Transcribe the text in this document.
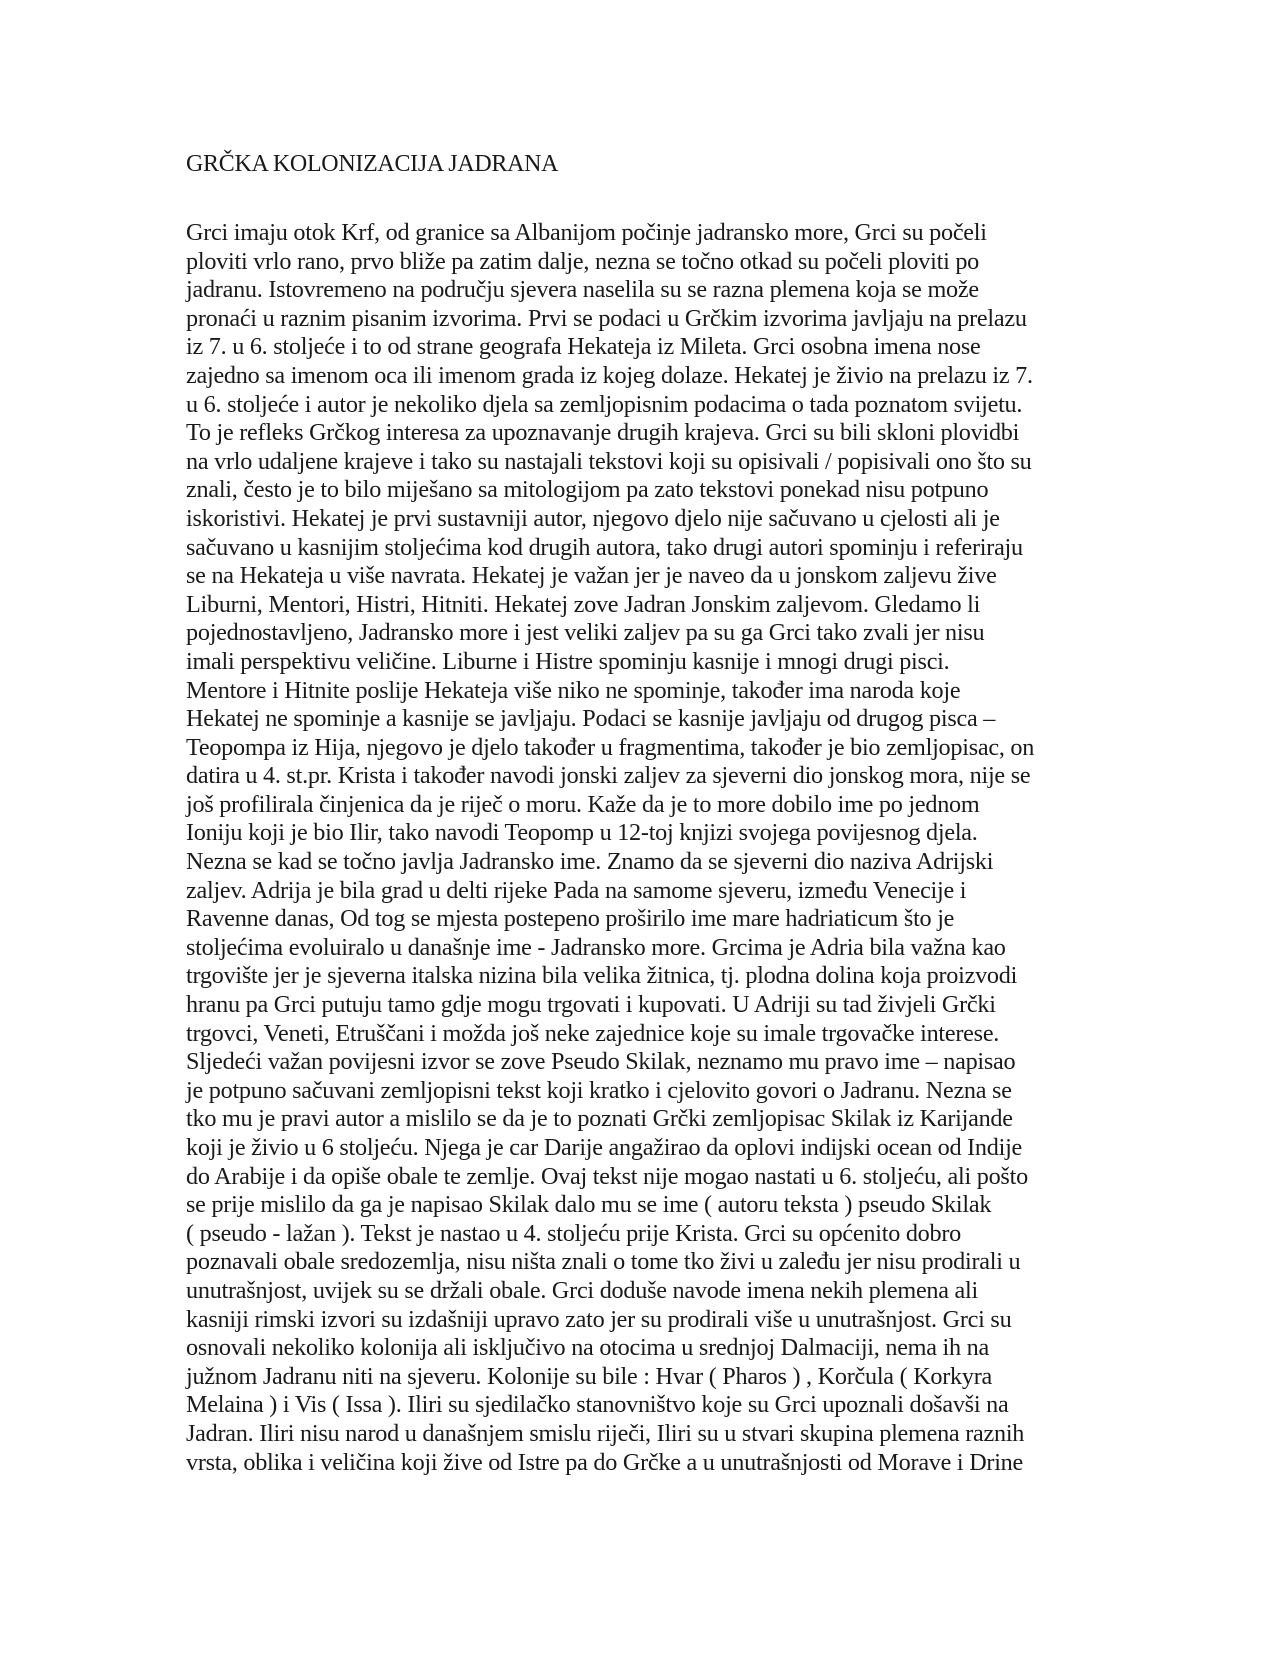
GRČKA KOLONIZACIJA JADRANA
Grci imaju otok Krf, od granice sa Albanijom počinje jadransko more, Grci su počeli
ploviti vrlo rano, prvo bliže pa zatim dalje, nezna se točno otkad su počeli ploviti po
jadranu. Istovremeno na području sjevera naselila su se razna plemena koja se može
pronaći u raznim pisanim izvorima. Prvi se podaci u Grčkim izvorima javljaju na prelazu
iz 7. u 6. stoljeće i to od strane geografa Hekateja iz Mileta. Grci osobna imena nose
zajedno sa imenom oca ili imenom grada iz kojeg dolaze. Hekatej je živio na prelazu iz 7.
u 6. stoljeće i autor je nekoliko djela sa zemljopisnim podacima o tada poznatom svijetu.
To je refleks Grčkog interesa za upoznavanje drugih krajeva. Grci su bili skloni plovidbi
na vrlo udaljene krajeve i tako su nastajali tekstovi koji su opisivali / popisivali ono što su
znali, često je to bilo miješano sa mitologijom pa zato tekstovi ponekad nisu potpuno
iskoristivi. Hekatej je prvi sustavniji autor, njegovo djelo nije sačuvano u cjelosti ali je
sačuvano u kasnijim stoljećima kod drugih autora, tako drugi autori spominju i referiraju
se na Hekateja u više navrata. Hekatej je važan jer je naveo da u jonskom zaljevu žive
Liburni, Mentori, Histri, Hitniti. Hekatej zove Jadran Jonskim zaljevom. Gledamo li
pojednostavljeno, Jadransko more i jest veliki zaljev pa su ga Grci tako zvali jer nisu
imali perspektivu veličine. Liburne i Histre spominju kasnije i mnogi drugi pisci.
Mentore i Hitnite poslije Hekateja više niko ne spominje, također ima naroda koje
Hekatej ne spominje a kasnije se javljaju. Podaci se kasnije javljaju od drugog pisca –
Teopompa iz Hija, njegovo je djelo također u fragmentima, također je bio zemljopisac, on
datira u 4. st.pr. Krista i također navodi jonski zaljev za sjeverni dio jonskog mora, nije se
još profilirala činjenica da je riječ o moru. Kaže da je to more dobilo ime po jednom
Ioniju koji je bio Ilir, tako navodi Teopomp u 12-toj knjizi svojega povijesnog djela.
Nezna se kad se točno javlja Jadransko ime. Znamo da se sjeverni dio naziva Adrijski
zaljev. Adrija je bila grad u delti rijeke Pada na samome sjeveru, između Venecije i
Ravenne danas, Od tog se mjesta postepeno proširilo ime mare hadriaticum što je
stoljećima evoluiralo u današnje ime - Jadransko more. Grcima je Adria bila važna kao
trgovište jer je sjeverna italska nizina bila velika žitnica, tj. plodna dolina koja proizvodi
hranu pa Grci putuju tamo gdje mogu trgovati i kupovati. U Adriji su tad živjeli Grčki
trgovci, Veneti, Etruščani i možda još neke zajednice koje su imale trgovačke interese.
Sljedeći važan povijesni izvor se zove Pseudo Skilak, neznamo mu pravo ime – napisao
je potpuno sačuvani zemljopisni tekst koji kratko i cjelovito govori o Jadranu. Nezna se
tko mu je pravi autor a mislilo se da je to poznati Grčki zemljopisac Skilak iz Karijande
koji je živio u 6 stoljeću. Njega je car Darije angažirao da oplovi indijski ocean od Indije
do Arabije i da opiše obale te zemlje. Ovaj tekst nije mogao nastati u 6. stoljeću, ali pošto
se prije mislilo da ga je napisao Skilak dalo mu se ime ( autoru teksta ) pseudo Skilak
( pseudo - lažan ). Tekst je nastao u 4. stoljeću prije Krista. Grci su općenito dobro
poznavali obale sredozemlja, nisu ništa znali o tome tko živi u zaleđu jer nisu prodirali u
unutrašnjost, uvijek su se držali obale. Grci doduše navode imena nekih plemena ali
kasniji rimski izvori su izdašniji upravo zato jer su prodirali više u unutrašnjost. Grci su
osnovali nekoliko kolonija ali isključivo na otocima u srednjoj Dalmaciji, nema ih na
južnom Jadranu niti na sjeveru. Kolonije su bile : Hvar ( Pharos ) , Korčula ( Korkyra
Melaina ) i Vis ( Issa ). Iliri su sjedilačko stanovništvo koje su Grci upoznali došavši na
Jadran. Iliri nisu narod u današnjem smislu riječi, Iliri su u stvari skupina plemena raznih
vrsta, oblika i veličina koji žive od Istre pa do Grčke a u unutrašnjosti od Morave i Drine
